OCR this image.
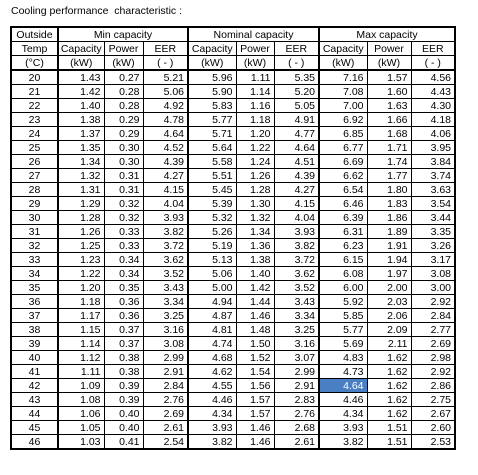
Cooling performance  characteristic :
Outside	Min capacity			Nominal capacity			Max capacity		
Temp	Capacity	Power	EER	Capacity	Power	EER	Capacity	Power	EER
(°C)	(kW)	(kW)	( - )	(kW)	(kW)	( - )	(kW)	(kW)	( - )
20	1.43	0.27	5.21	5.96	1.11	5.35	7.16	1.57	4.56
21	1.42	0.28	5.06	5.90	1.14	5.20	7.08	1.60	4.43
22	1.40	0.28	4.92	5.83	1.16	5.05	7.00	1.63	4.30
23	1.38	0.29	4.78	5.77	1.18	4.91	6.92	1.66	4.18
24	1.37	0.29	4.64	5.71	1.20	4.77	6.85	1.68	4.06
25	1.35	0.30	4.52	5.64	1.22	4.64	6.77	1.71	3.95
26	1.34	0.30	4.39	5.58	1.24	4.51	6.69	1.74	3.84
27	1.32	0.31	4.27	5.51	1.26	4.39	6.62	1.77	3.74
28	1.31	0.31	4.15	5.45	1.28	4.27	6.54	1.80	3.63
29	1.29	0.32	4.04	5.39	1.30	4.15	6.46	1.83	3.54
30	1.28	0.32	3.93	5.32	1.32	4.04	6.39	1.86	3.44
31	1.26	0.33	3.82	5.26	1.34	3.93	6.31	1.89	3.35
32	1.25	0.33	3.72	5.19	1.36	3.82	6.23	1.91	3.26
33	1.23	0.34	3.62	5.13	1.38	3.72	6.15	1.94	3.17
34	1.22	0.34	3.52	5.06	1.40	3.62	6.08	1.97	3.08
35	1.20	0.35	3.43	5.00	1.42	3.52	6.00	2.00	3.00
36	1.18	0.36	3.34	4.94	1.44	3.43	5.92	2.03	2.92
37	1.17	0.36	3.25	4.87	1.46	3.34	5.85	2.06	2.84
38	1.15	0.37	3.16	4.81	1.48	3.25	5.77	2.09	2.77
39	1.14	0.37	3.08	4.74	1.50	3.16	5.69	2.11	2.69
40	1.12	0.38	2.99	4.68	1.52	3.07	4.83	1.62	2.98
41	1.11	0.38	2.91	4.62	1.54	2.99	4.73	1.62	2.92
42	1.09	0.39	2.84	4.55	1.56	2.91	4.64	1.62	2.86
43	1.08	0.39	2.76	4.46	1.57	2.83	4.46	1.62	2.75
44	1.06	0.40	2.69	4.34	1.57	2.76	4.34	1.62	2.67
45	1.05	0.40	2.61	3.93	1.46	2.68	3.93	1.51	2.60
46	1.03	0.41	2.54	3.82	1.46	2.61	3.82	1.51	2.53
